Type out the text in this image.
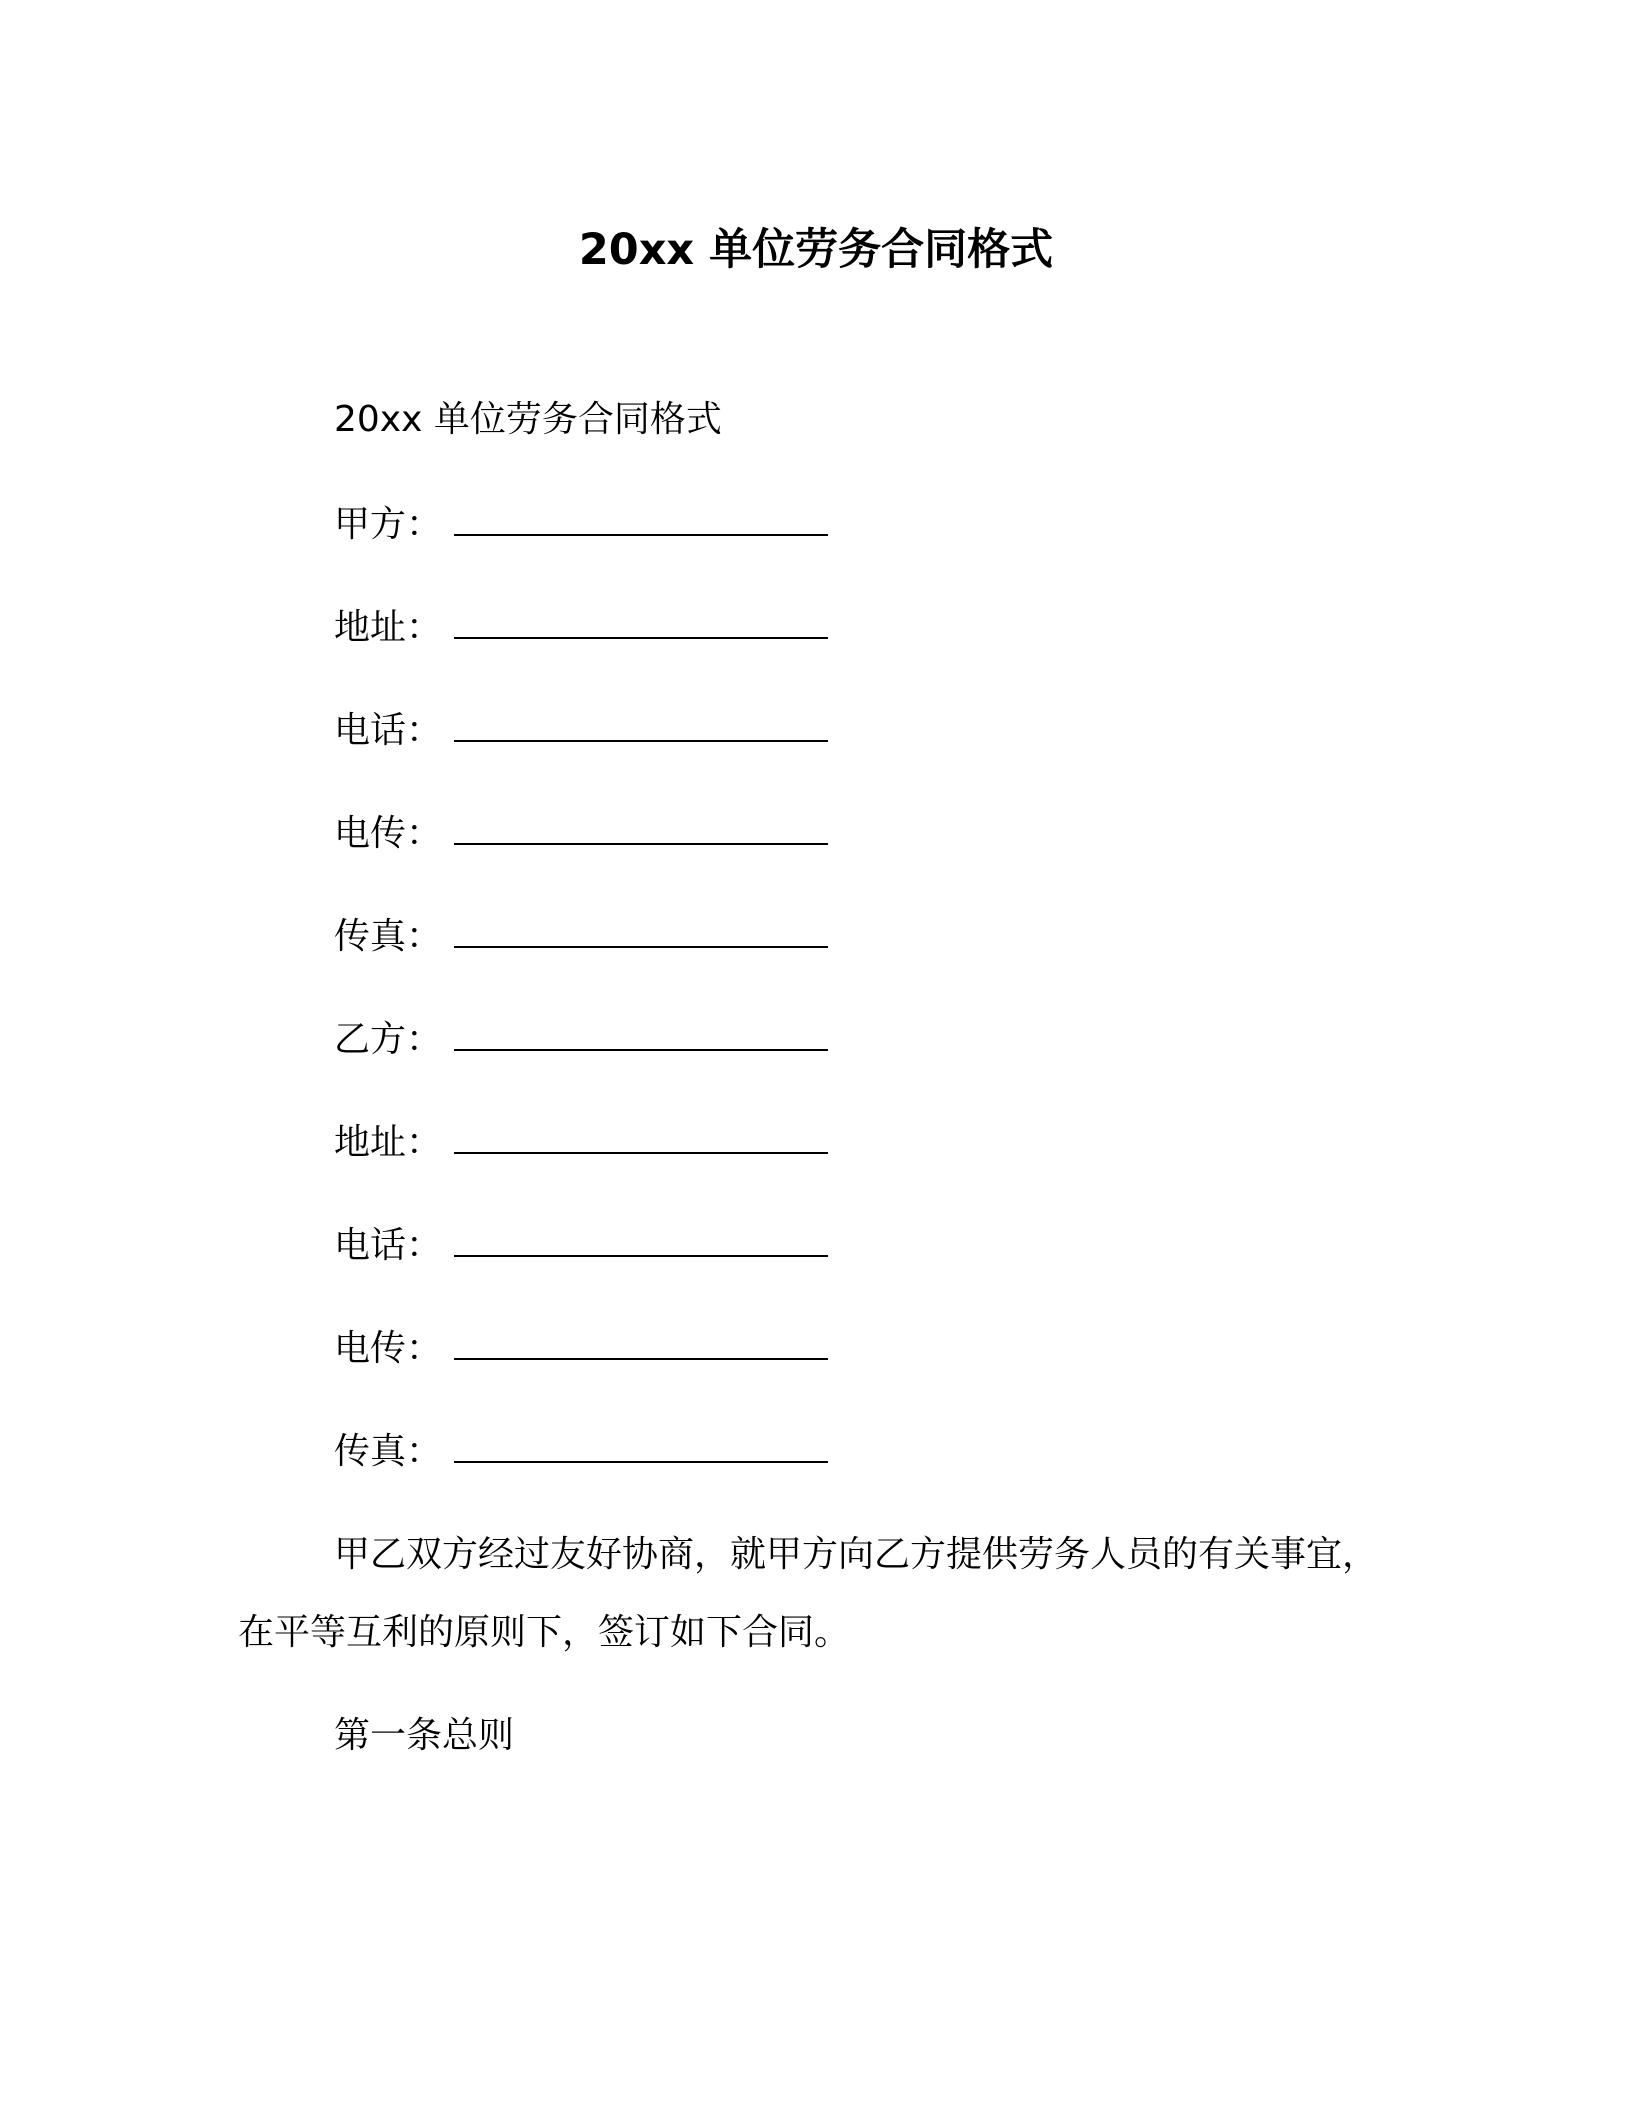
20xx 单位劳务合同格式
20xx 单位劳务合同格式
甲方：
地址：
电话：
电传：
传真：
乙方：
地址：
电话：
电传：
传真：
甲乙双方经过友好协商，就甲方向乙方提供劳务人员的有关事宜，在平等互利的原则下，签订如下合同。
第一条总则
